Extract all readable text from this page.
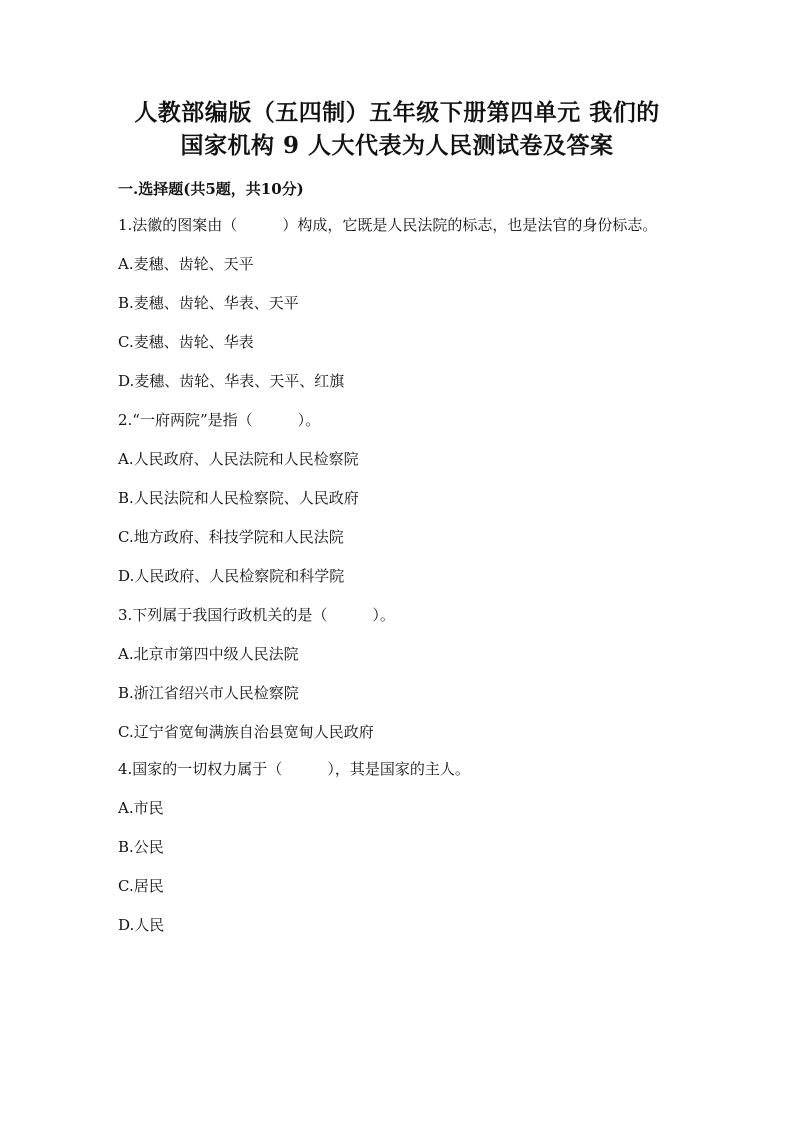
人教部编版（五四制）五年级下册第四单元 我们的
国家机构 9 人大代表为人民测试卷及答案
一.选择题(共5题，共10分)

1.法徽的图案由（　　　）构成，它既是人民法院的标志，也是法官的身份标志。

A.麦穗、齿轮、天平

B.麦穗、齿轮、华表、天平

C.麦穗、齿轮、华表

D.麦穗、齿轮、华表、天平、红旗

2.“一府两院”是指（　　　）。

A.人民政府、人民法院和人民检察院

B.人民法院和人民检察院、人民政府

C.地方政府、科技学院和人民法院

D.人民政府、人民检察院和科学院

3.下列属于我国行政机关的是（　　　）。

A.北京市第四中级人民法院

B.浙江省绍兴市人民检察院

C.辽宁省宽甸满族自治县宽甸人民政府

4.国家的一切权力属于（　　　），其是国家的主人。

A.市民

B.公民

C.居民

D.人民
